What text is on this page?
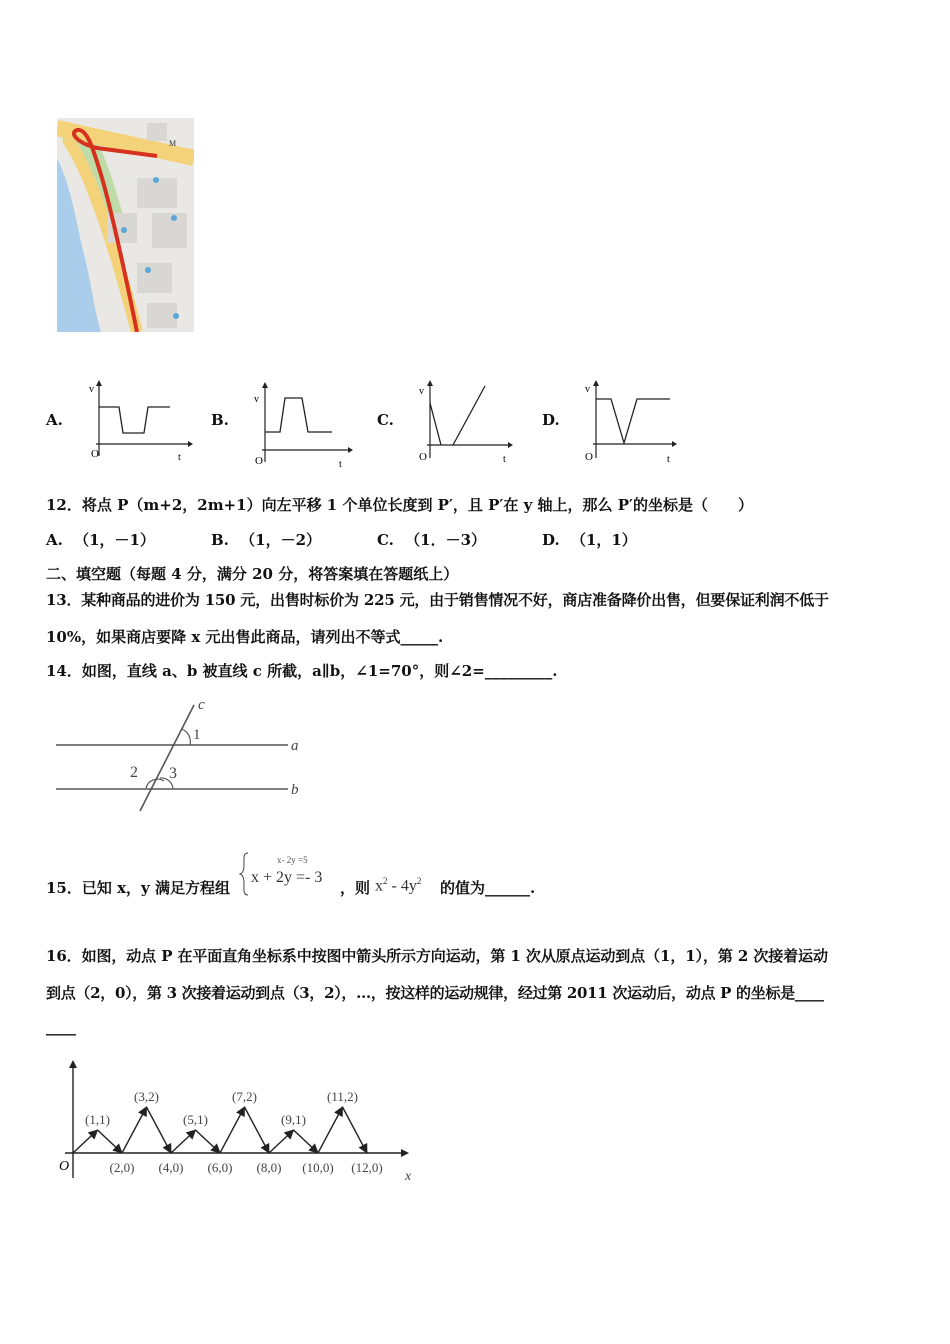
M
A.
v
O	t
B.
v
O	t
C.
v
O	t
D.
v
O	t
12．将点 P（m+2，2m+1）向左平移 1 个单位长度到 P′，且 P′在 y 轴上，那么 P′的坐标是（　　）
A. （1，－1）	B. （1，－2）	C. （1．－3）	D. （1，1）
二、填空题（每题 4 分，满分 20 分，将答案填在答题纸上）
13．某种商品的进价为 150 元，出售时标价为 225 元，由于销售情况不好，商店准备降价出售，但要保证利润不低于
10%，如果商店要降 x 元出售此商品，请列出不等式_____.
14．如图，直线 a、b 被直线 c 所截，a∥b，∠1=70°，则∠2=_________.
c
a
b
1
2 3
15．已知 x，y 满足方程组
x- 2y =5
x + 2y =- 3
，则 $x^2 - 4y^2$ 的值为______.
16．如图，动点 P 在平面直角坐标系中按图中箭头所示方向运动，第 1 次从原点运动到点（1，1），第 2 次接着运动
到点（2，0），第 3 次接着运动到点（3，2），…，按这样的运动规律，经过第 2011 次运动后，动点 P 的坐标是____
____
O
x
(1,1)
(2,0)
(3,2)
(4,0)
(5,1)
(6,0)
(7,2)
(8,0)
(9,1)
(10,0)
(11,2)
(12,0)
